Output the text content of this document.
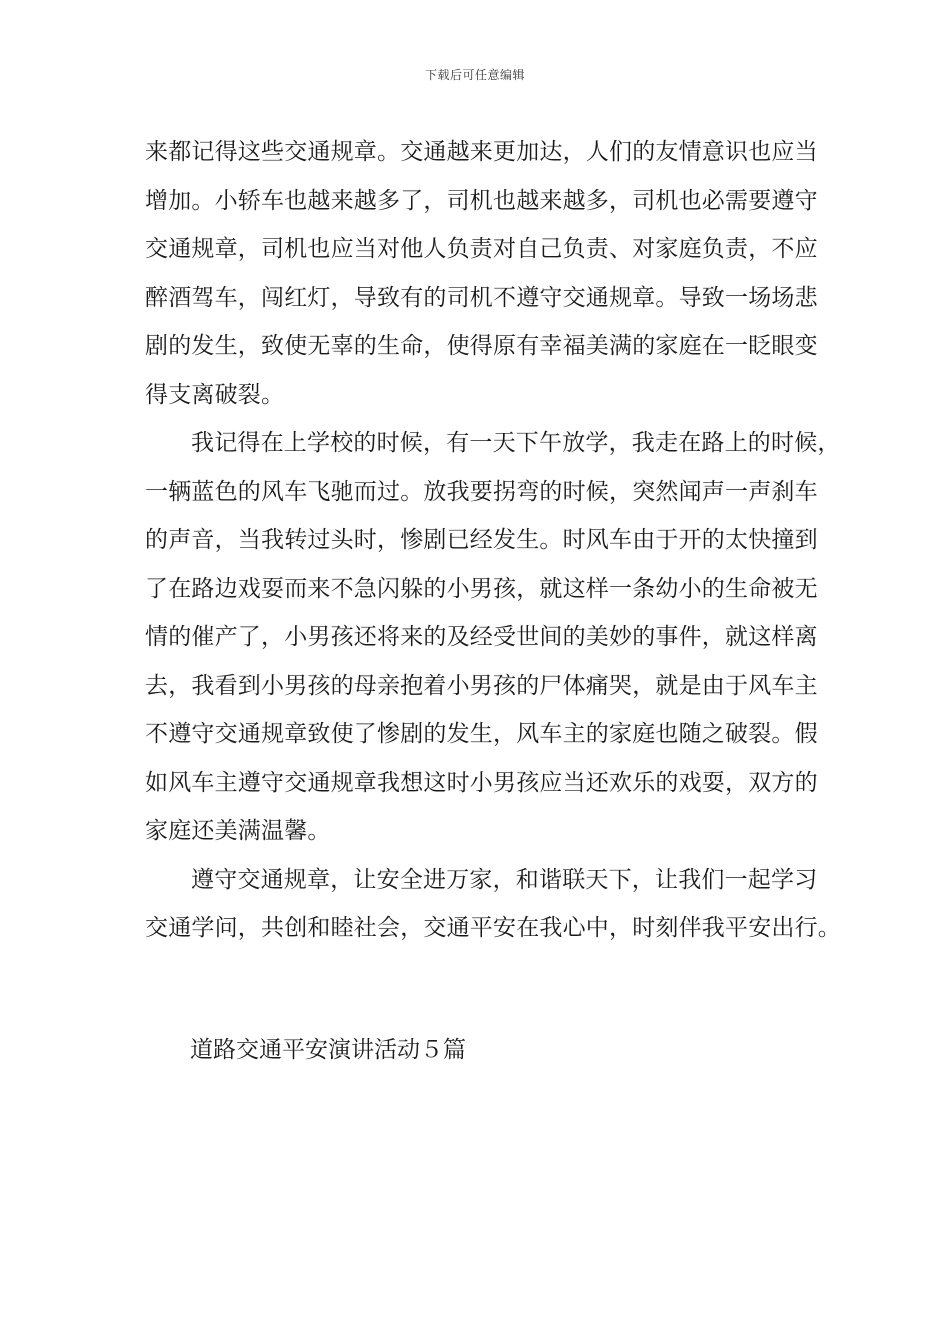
下载后可任意编辑
来都记得这些交通规章。交通越来更加达，人们的友情意识也应当
增加。小轿车也越来越多了，司机也越来越多，司机也必需要遵守
交通规章，司机也应当对他人负责对自己负责、对家庭负责，不应
醉酒驾车，闯红灯，导致有的司机不遵守交通规章。导致一场场悲
剧的发生，致使无辜的生命，使得原有幸福美满的家庭在一眨眼变
得支离破裂。
我记得在上学校的时候，有一天下午放学，我走在路上的时候，
一辆蓝色的风车飞驰而过。放我要拐弯的时候，突然闻声一声刹车
的声音，当我转过头时，惨剧已经发生。时风车由于开的太快撞到
了在路边戏耍而来不急闪躲的小男孩，就这样一条幼小的生命被无
情的催产了，小男孩还将来的及经受世间的美妙的事件，就这样离
去，我看到小男孩的母亲抱着小男孩的尸体痛哭，就是由于风车主
不遵守交通规章致使了惨剧的发生，风车主的家庭也随之破裂。假
如风车主遵守交通规章我想这时小男孩应当还欢乐的戏耍，双方的
家庭还美满温馨。
遵守交通规章，让安全进万家，和谐联天下，让我们一起学习
交通学问，共创和睦社会，交通平安在我心中，时刻伴我平安出行。
道路交通平安演讲活动５篇
